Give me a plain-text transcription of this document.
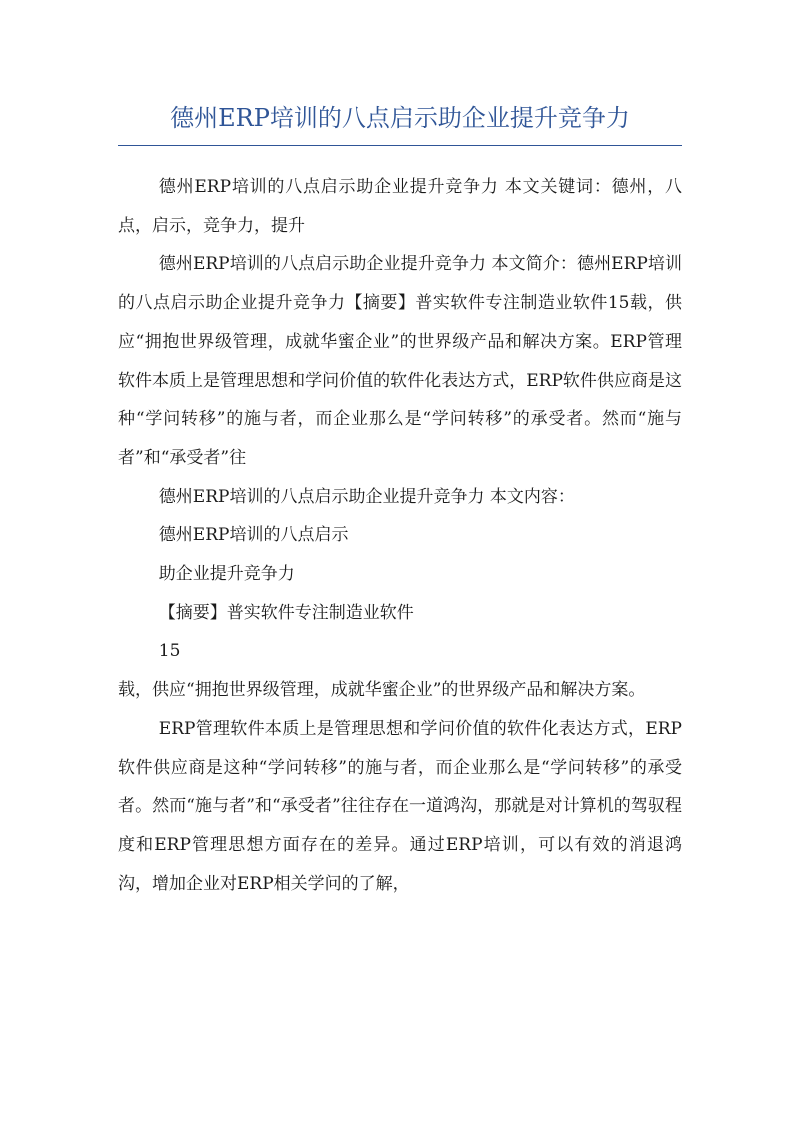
德州ERP培训的八点启示助企业提升竞争力

德州ERP培训的八点启示助企业提升竞争力 本文关键词：德州，八点，启示，竞争力，提升

德州ERP培训的八点启示助企业提升竞争力 本文简介：德州ERP培训的八点启示助企业提升竞争力【摘要】普实软件专注制造业软件15载，供应“拥抱世界级管理，成就华蜜企业”的世界级产品和解决方案。ERP管理软件本质上是管理思想和学问价值的软件化表达方式，ERP软件供应商是这种“学问转移”的施与者，而企业那么是“学问转移”的承受者。然而“施与者”和“承受者”往

德州ERP培训的八点启示助企业提升竞争力 本文内容：

德州ERP培训的八点启示

助企业提升竞争力

【摘要】普实软件专注制造业软件

15

载，供应“拥抱世界级管理，成就华蜜企业”的世界级产品和解决方案。

ERP管理软件本质上是管理思想和学问价值的软件化表达方式，ERP软件供应商是这种“学问转移”的施与者，而企业那么是“学问转移”的承受者。然而“施与者”和“承受者”往往存在一道鸿沟，那就是对计算机的驾驭程度和ERP管理思想方面存在的差异。通过ERP培训，可以有效的消退鸿沟，增加企业对ERP相关学问的了解，
